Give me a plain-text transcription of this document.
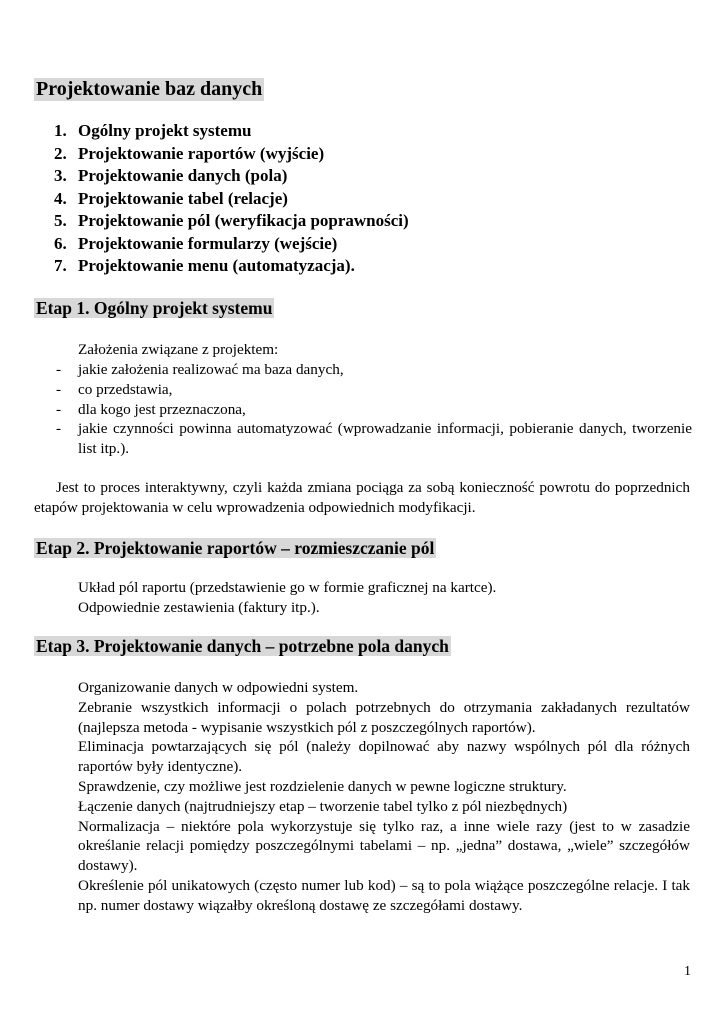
Projektowanie baz danych
1. Ogólny projekt systemu
2. Projektowanie raportów (wyjście)
3. Projektowanie danych (pola)
4. Projektowanie tabel (relacje)
5. Projektowanie pól (weryfikacja poprawności)
6. Projektowanie formularzy (wejście)
7. Projektowanie menu (automatyzacja).
Etap 1. Ogólny projekt systemu

Założenia związane z projektem:

-	jakie założenia realizować ma baza danych,
-	co przedstawia,
-	dla kogo jest przeznaczona,
-	jakie czynności powinna automatyzować (wprowadzanie informacji, pobieranie danych, tworzenie list itp.).

Jest to proces interaktywny, czyli każda zmiana pociąga za sobą konieczność powrotu do poprzednich etapów projektowania w celu wprowadzenia odpowiednich modyfikacji.

Etap 2. Projektowanie raportów – rozmieszczanie pól

Układ pól raportu (przedstawienie go w formie graficznej na kartce).

Odpowiednie zestawienia (faktury itp.).

Etap 3. Projektowanie danych – potrzebne pola danych

Organizowanie danych w odpowiedni system.

Zebranie wszystkich informacji o polach potrzebnych do otrzymania zakładanych rezultatów (najlepsza metoda - wypisanie wszystkich pól z poszczególnych raportów).

Eliminacja powtarzających się pól (należy dopilnować aby nazwy wspólnych pól dla różnych raportów były identyczne).

Sprawdzenie, czy możliwe jest rozdzielenie danych w pewne logiczne struktury.

Łączenie danych (najtrudniejszy etap – tworzenie tabel tylko z pól niezbędnych)

Normalizacja – niektóre pola wykorzystuje się tylko raz, a inne wiele razy (jest to w zasadzie określanie relacji pomiędzy poszczególnymi tabelami – np. „jedna” dostawa, „wiele” szczegółów dostawy).

Określenie pól unikatowych (często numer lub kod) – są to pola wiążące poszczególne relacje. I tak np. numer dostawy wiązałby określoną dostawę ze szczegółami dostawy.

1
